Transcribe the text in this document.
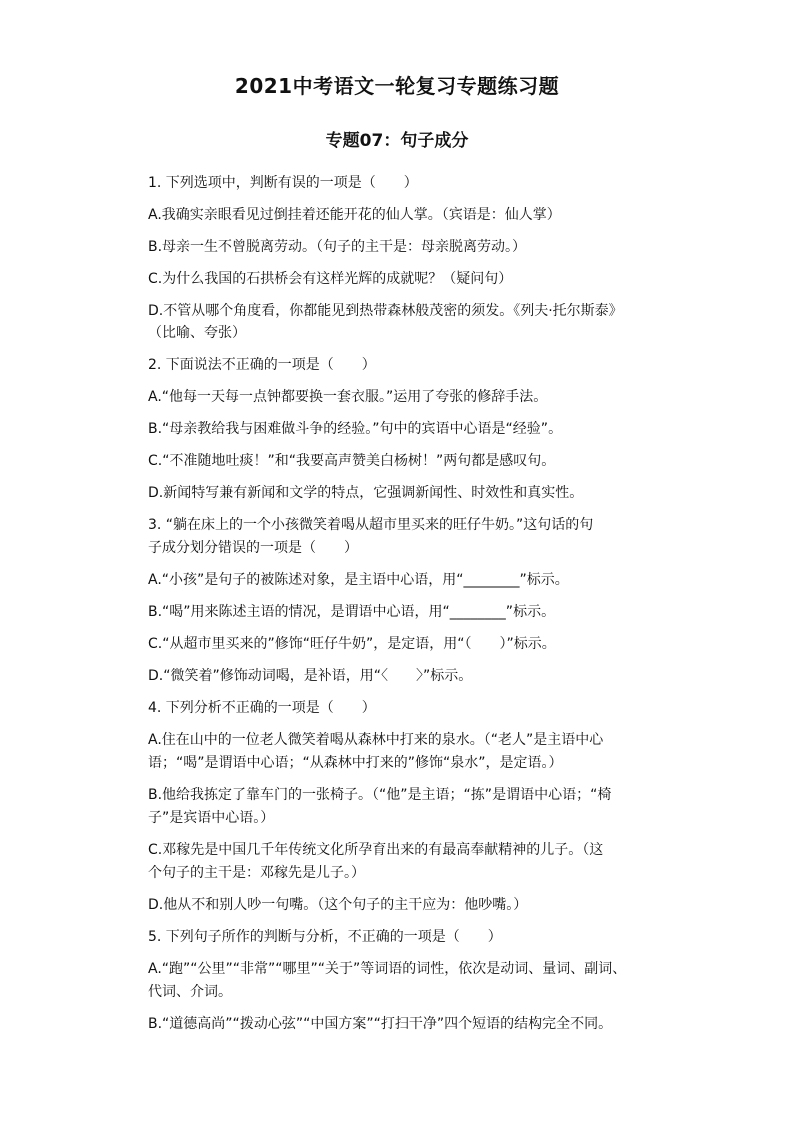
2021中考语文一轮复习专题练习题
专题07：句子成分
1. 下列选项中，判断有误的一项是（　　）
A.我确实亲眼看见过倒挂着还能开花的仙人掌。（宾语是：仙人掌）
B.母亲一生不曾脱离劳动。（句子的主干是：母亲脱离劳动。）
C.为什么我国的石拱桥会有这样光辉的成就呢？（疑问句）
D.不管从哪个角度看，你都能见到热带森林般茂密的须发。《列夫·托尔斯泰》
（比喻、夸张）
2. 下面说法不正确的一项是（　　）
A.“他每一天每一点钟都要换一套衣服。”运用了夸张的修辞手法。
B.“母亲教给我与困难做斗争的经验。”句中的宾语中心语是“经验”。
C.“不准随地吐痰！”和“我要高声赞美白杨树！”两句都是感叹句。
D.新闻特写兼有新闻和文学的特点，它强调新闻性、时效性和真实性。
3. “躺在床上的一个小孩微笑着喝从超市里买来的旺仔牛奶。”这句话的句
子成分划分错误的一项是（　　）
A.“小孩”是句子的被陈述对象，是主语中心语，用“________”标示。
B.“喝”用来陈述主语的情况，是谓语中心语，用“________”标示。
C.“从超市里买来的”修饰“旺仔牛奶”，是定语，用“（　　）”标示。
D.“微笑着”修饰动词喝，是补语，用“〈　　〉”标示。
4. 下列分析不正确的一项是（　　）
A.住在山中的一位老人微笑着喝从森林中打来的泉水。（“老人”是主语中心
语；“喝”是谓语中心语；“从森林中打来的”修饰“泉水”，是定语。）
B.他给我拣定了靠车门的一张椅子。（“他”是主语；“拣”是谓语中心语；“椅
子”是宾语中心语。）
C.邓稼先是中国几千年传统文化所孕育出来的有最高奉献精神的儿子。（这
个句子的主干是：邓稼先是儿子。）
D.他从不和别人吵一句嘴。（这个句子的主干应为：他吵嘴。）
5. 下列句子所作的判断与分析，不正确的一项是（　　）
A.“跑”“公里”“非常”“哪里”“关于”等词语的词性，依次是动词、量词、副词、
代词、介词。
B.“道德高尚”“拨动心弦”“中国方案”“打扫干净”四个短语的结构完全不同。
